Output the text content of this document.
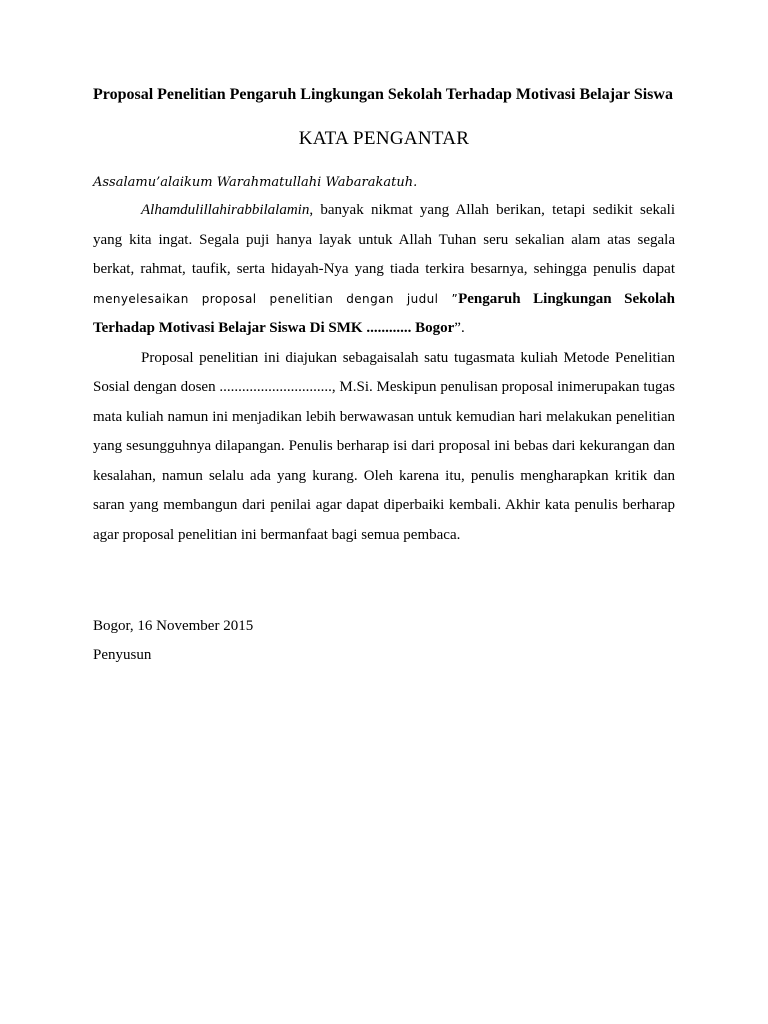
Proposal Penelitian Pengaruh Lingkungan Sekolah Terhadap Motivasi Belajar Siswa

KATA PENGANTAR

Assalamu’alaikum Warahmatullahi Wabarakatuh.

Alhamdulillahirabbilalamin, banyak nikmat yang Allah berikan, tetapi sedikit sekali yang kita ingat. Segala puji hanya layak untuk Allah Tuhan seru sekalian alam atas segala berkat, rahmat, taufik, serta hidayah-Nya yang tiada terkira besarnya, sehingga penulis dapat menyelesaikan proposal penelitian dengan judul ”Pengaruh Lingkungan Sekolah Terhadap Motivasi Belajar Siswa Di SMK ............ Bogor”.

Proposal penelitian ini diajukan sebagaisalah satu tugasmata kuliah Metode Penelitian Sosial dengan dosen .............................., M.Si. Meskipun penulisan proposal inimerupakan tugas mata kuliah namun ini menjadikan lebih berwawasan untuk kemudian hari melakukan penelitian yang sesungguhnya dilapangan. Penulis berharap isi dari proposal ini bebas dari kekurangan dan kesalahan, namun selalu ada yang kurang. Oleh karena itu, penulis mengharapkan kritik dan saran yang membangun dari penilai agar dapat diperbaiki kembali. Akhir kata penulis berharap agar proposal penelitian ini bermanfaat bagi semua pembaca.

Bogor, 16 November 2015

Penyusun
